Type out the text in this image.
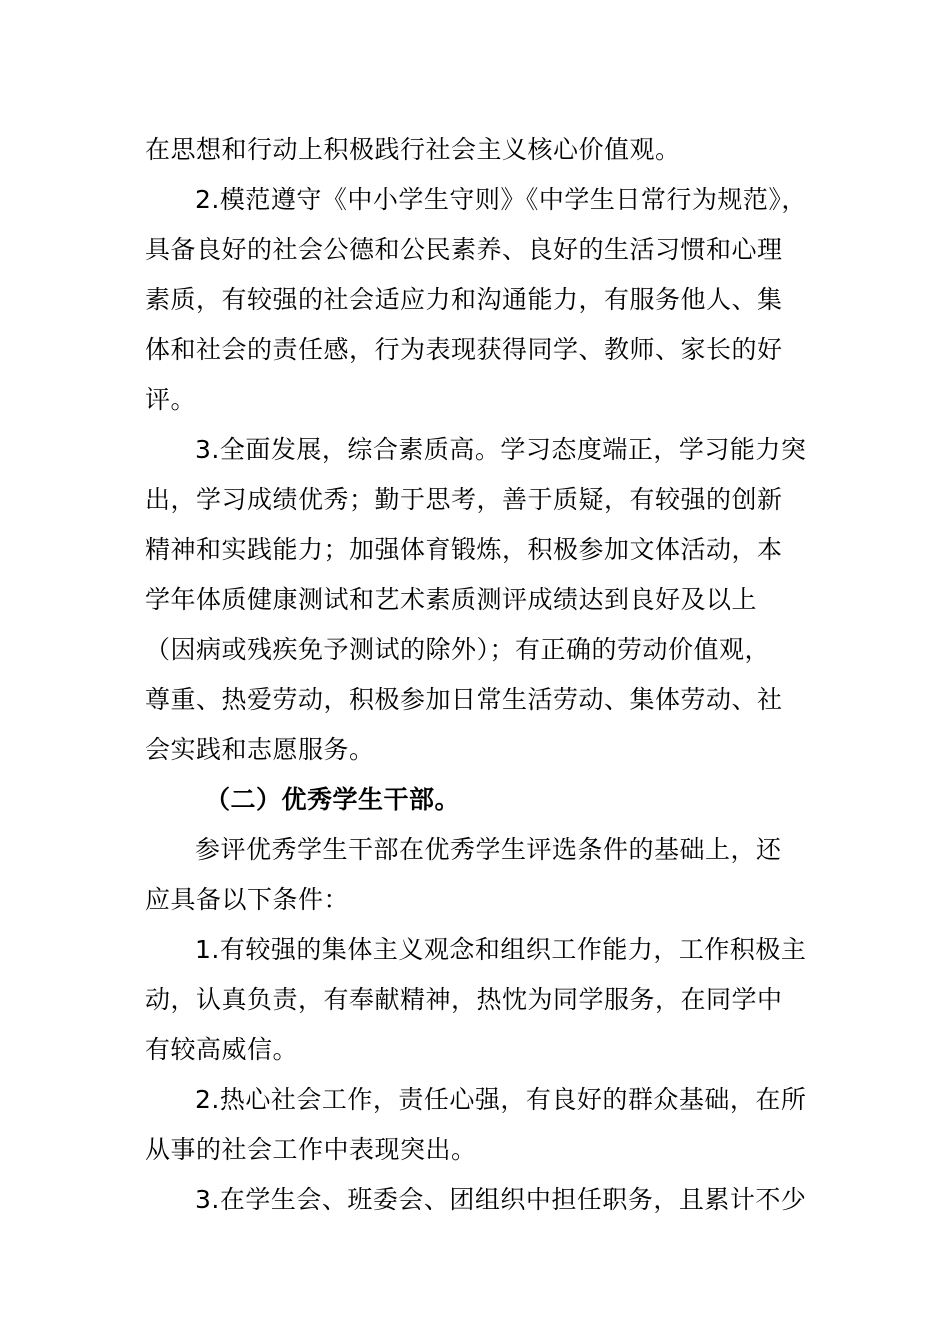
在思想和行动上积极践行社会主义核心价值观。
2.模范遵守《中小学生守则》《中学生日常行为规范》，
具备良好的社会公德和公民素养、良好的生活习惯和心理
素质，有较强的社会适应力和沟通能力，有服务他人、集
体和社会的责任感，行为表现获得同学、教师、家长的好
评。
3.全面发展，综合素质高。学习态度端正，学习能力突
出，学习成绩优秀；勤于思考，善于质疑，有较强的创新
精神和实践能力；加强体育锻炼，积极参加文体活动，本
学年体质健康测试和艺术素质测评成绩达到良好及以上
（因病或残疾免予测试的除外）；有正确的劳动价值观，
尊重、热爱劳动，积极参加日常生活劳动、集体劳动、社
会实践和志愿服务。
（二）优秀学生干部。
参评优秀学生干部在优秀学生评选条件的基础上，还
应具备以下条件：
1.有较强的集体主义观念和组织工作能力，工作积极主
动，认真负责，有奉献精神，热忱为同学服务，在同学中
有较高威信。
2.热心社会工作，责任心强，有良好的群众基础，在所
从事的社会工作中表现突出。
3.在学生会、班委会、团组织中担任职务，且累计不少
